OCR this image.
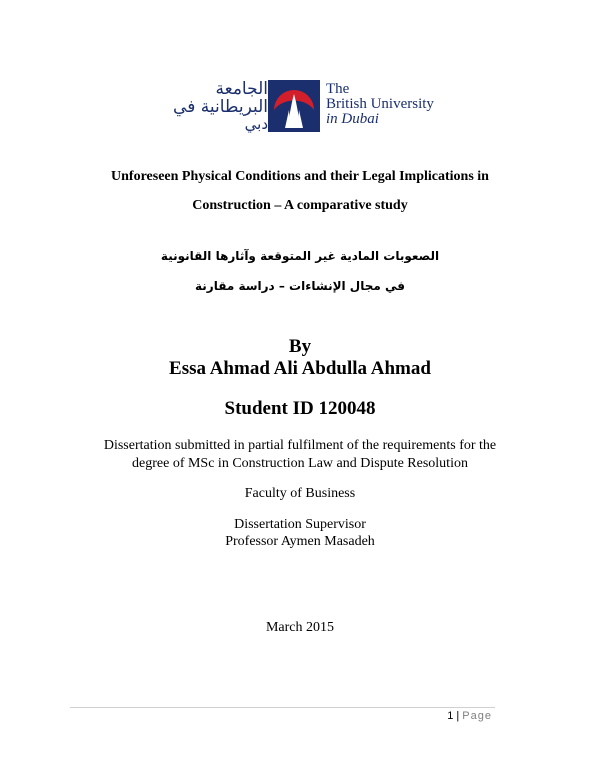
الجامعة
البريطانية في
دبي
The
British University
in Dubai
Unforeseen Physical Conditions and their Legal Implications in
Construction – A comparative study
الصعوبات المادية غير المتوقعة وآثارها القانونية
في مجال الإنشاءات – دراسة مقارنة
By
Essa Ahmad Ali Abdulla Ahmad
Student ID 120048
Dissertation submitted in partial fulfilment of the requirements for the
degree of MSc in Construction Law and Dispute Resolution
Faculty of Business
Dissertation Supervisor
Professor Aymen Masadeh
March 2015
1 | Page
